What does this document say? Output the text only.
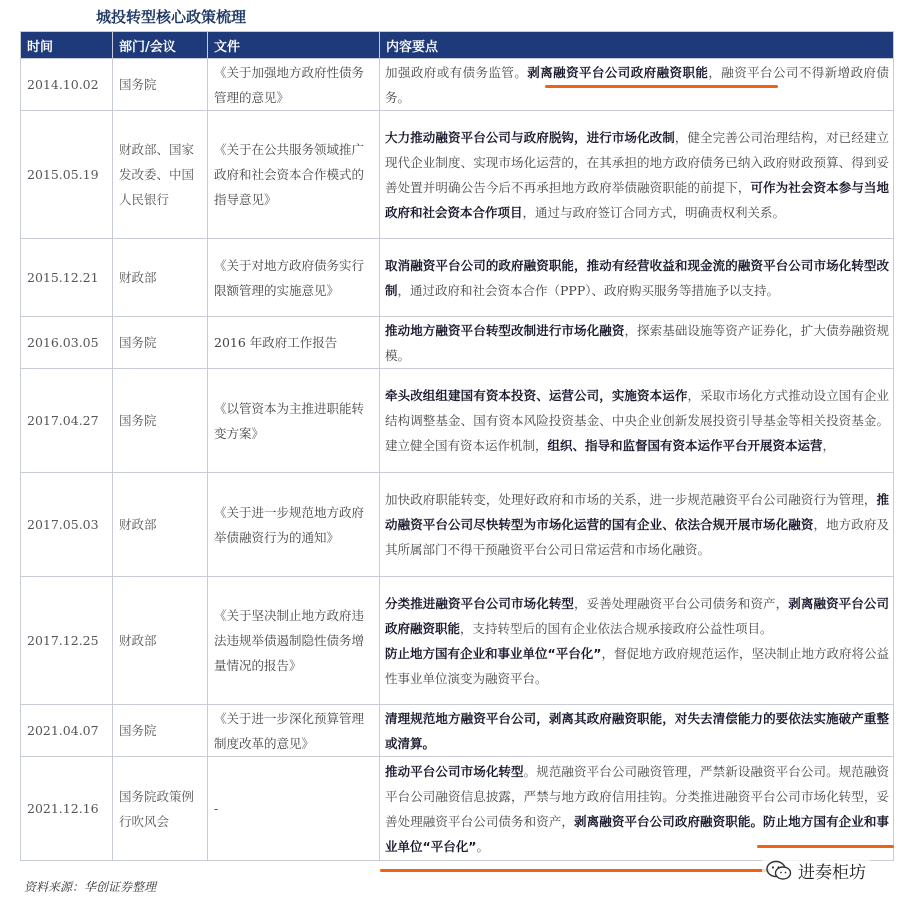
城投转型核心政策梳理
时间	部门/会议	文件	内容要点
2014.10.02	国务院	《关于加强地方政府性债务管理的意见》	加强政府或有债务监管。剥离融资平台公司政府融资职能，融资平台公司不得新增政府债务。
2015.05.19	财政部、国家发改委、中国人民银行	《关于在公共服务领域推广政府和社会资本合作模式的指导意见》	大力推动融资平台公司与政府脱钩，进行市场化改制，健全完善公司治理结构，对已经建立现代企业制度、实现市场化运营的，在其承担的地方政府债务已纳入政府财政预算、得到妥善处置并明确公告今后不再承担地方政府举债融资职能的前提下，可作为社会资本参与当地政府和社会资本合作项目，通过与政府签订合同方式，明确责权利关系。
2015.12.21	财政部	《关于对地方政府债务实行限额管理的实施意见》	取消融资平台公司的政府融资职能，推动有经营收益和现金流的融资平台公司市场化转型改制，通过政府和社会资本合作（PPP）、政府购买服务等措施予以支持。
2016.03.05	国务院	2016 年政府工作报告	推动地方融资平台转型改制进行市场化融资，探索基础设施等资产证券化，扩大债券融资规模。
2017.04.27	国务院	《以管资本为主推进职能转变方案》	牵头改组组建国有资本投资、运营公司，实施资本运作，采取市场化方式推动设立国有企业结构调整基金、国有资本风险投资基金、中央企业创新发展投资引导基金等相关投资基金。建立健全国有资本运作机制，组织、指导和监督国有资本运作平台开展资本运营，
2017.05.03	财政部	《关于进一步规范地方政府举债融资行为的通知》	加快政府职能转变，处理好政府和市场的关系，进一步规范融资平台公司融资行为管理，推动融资平台公司尽快转型为市场化运营的国有企业、依法合规开展市场化融资，地方政府及其所属部门不得干预融资平台公司日常运营和市场化融资。
2017.12.25	财政部	《关于坚决制止地方政府违法违规举债遏制隐性债务增量情况的报告》	分类推进融资平台公司市场化转型，妥善处理融资平台公司债务和资产，剥离融资平台公司政府融资职能，支持转型后的国有企业依法合规承接政府公益性项目。
防止地方国有企业和事业单位“平台化”，督促地方政府规范运作，坚决制止地方政府将公益性事业单位演变为融资平台。
2021.04.07	国务院	《关于进一步深化预算管理制度改革的意见》	清理规范地方融资平台公司，剥离其政府融资职能，对失去清偿能力的要依法实施破产重整或清算。
2021.12.16	国务院政策例行吹风会	-	推动平台公司市场化转型。规范融资平台公司融资管理，严禁新设融资平台公司。规范融资平台公司融资信息披露，严禁与地方政府信用挂钩。分类推进融资平台公司市场化转型，妥善处理融资平台公司债务和资产，剥离融资平台公司政府融资职能。防止地方国有企业和事业单位“平台化”。
资料来源：华创证券整理
进奏柜坊
